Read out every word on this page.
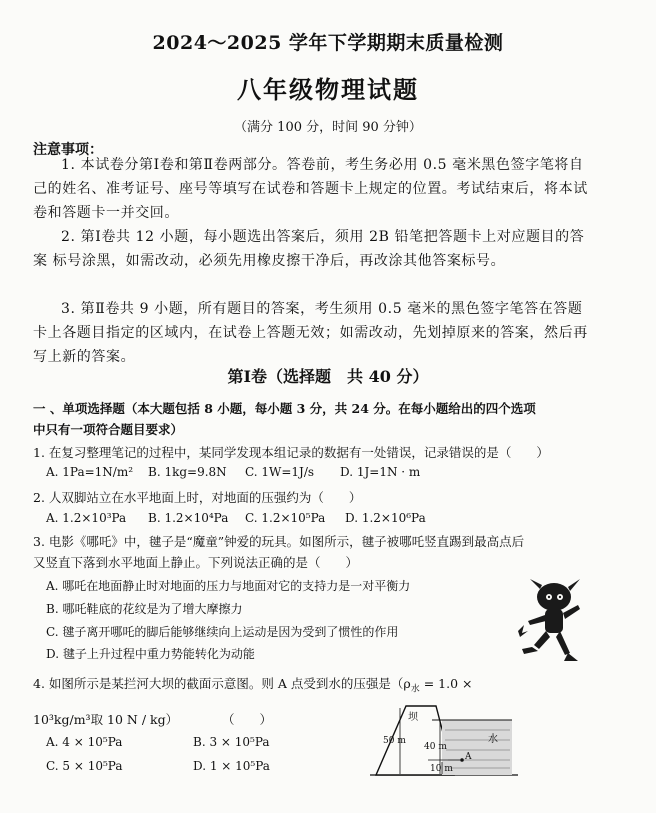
2024～2025 学年下学期期末质量检测
八年级物理试题
（满分 100 分，时间 90 分钟）
注意事项：
1. 本试卷分第Ⅰ卷和第Ⅱ卷两部分。答卷前，考生务必用 0.5 毫米黑色签字笔将自己的姓名、准考证号、座号等填写在试卷和答题卡上规定的位置。考试结束后，将本试卷和答题卡一并交回。
2. 第Ⅰ卷共 12 小题，每小题选出答案后，须用 2B 铅笔把答题卡上对应题目的答案 标号涂黑，如需改动，必须先用橡皮擦干净后，再改涂其他答案标号。
3. 第Ⅱ卷共 9 小题，所有题目的答案，考生须用 0.5 毫米的黑色签字笔答在答题卡上各题目指定的区域内，在试卷上答题无效；如需改动，先划掉原来的答案，然后再写上新的答案。
第Ⅰ卷（选择题　共 40 分）
一 、单项选择题（本大题包括 8 小题，每小题 3 分，共 24 分。在每小题给出的四个选项
中只有一项符合题目要求）
1. 在复习整理笔记的过程中，某同学发现本组记录的数据有一处错误，记录错误的是（　　）
A. 1Pa=1N/m² B. 1kg=9.8N C. 1W=1J/s D. 1J=1N · m
2. 人双脚站立在水平地面上时，对地面的压强约为（　　）
A. 1.2×10³Pa B. 1.2×10⁴Pa C. 1.2×10⁵Pa D. 1.2×10⁶Pa
3. 电影《哪吒》中，毽子是“魔童”钟爱的玩具。如图所示，毽子被哪吒竖直踢到最高点后
又竖直下落到水平地面上静止。下列说法正确的是（　　）
A. 哪吒在地面静止时对地面的压力与地面对它的支持力是一对平衡力
B. 哪吒鞋底的花纹是为了增大摩擦力
C. 毽子离开哪吒的脚后能够继续向上运动是因为受到了惯性的作用
D. 毽子上升过程中重力势能转化为动能
4. 如图所示是某拦河大坝的截面示意图。则 A 点受到水的压强是（$\rho_水 = 1.0$ ×
10³kg/m³取 10 N / kg）	（　　）
A. 4 × 10⁵Pa	B. 3 × 10⁵Pa
C. 5 × 10⁵Pa	D. 1 × 10⁵Pa
坝
水
50 m
40 m
10 m
A
